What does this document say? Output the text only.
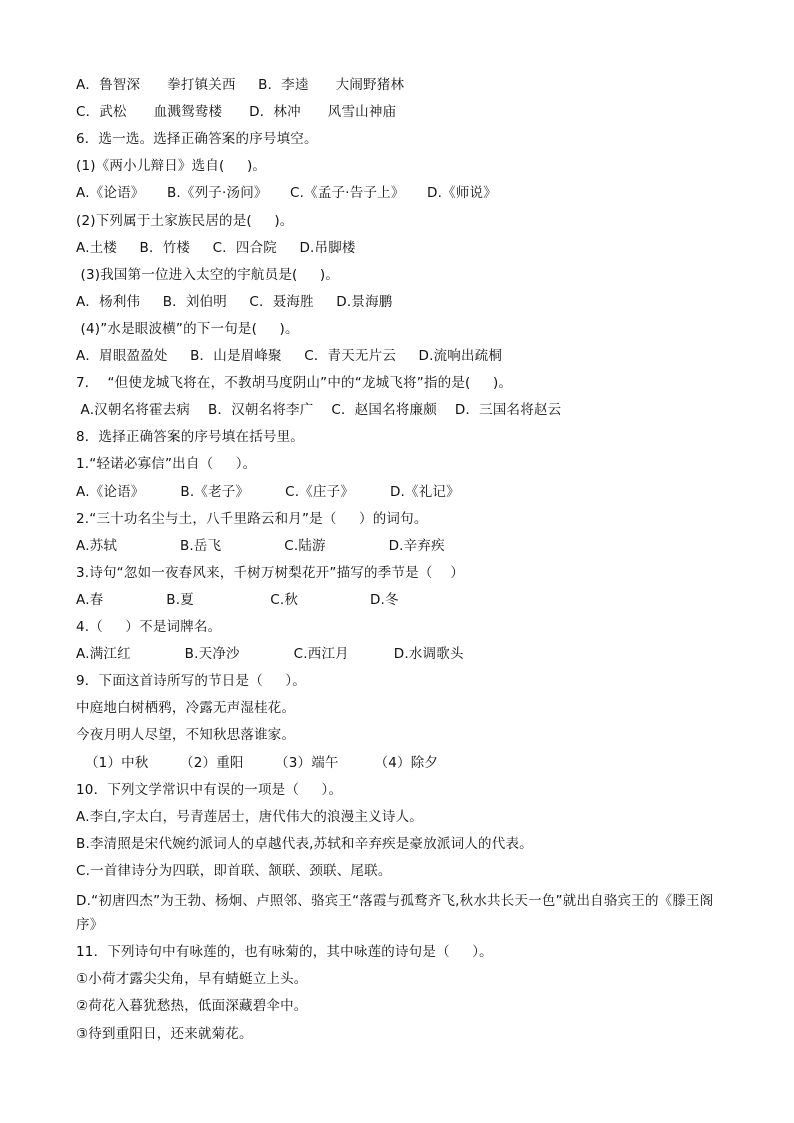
A．鲁智深      拳打镇关西     B．李逵      大闹野猪林
C．武松      血溅鸳鸯楼      D．林冲      风雪山神庙
6．选一选。选择正确答案的序号填空。
(1)《两小儿辩日》选自(     )。
A.《论语》     B.《列子·汤问》     C.《孟子·告子上》     D.《师说》
(2)下列属于土家族民居的是(     )。
A.土楼     B．竹楼     C．四合院     D.吊脚楼
(3)我国第一位进入太空的宇航员是(     )。
A．杨利伟     B．刘伯明     C．聂海胜     D.景海鹏
(4)”水是眼波横”的下一句是(     )。
A．眉眼盈盈处     B．山是眉峰聚     C．青天无片云     D.流响出疏桐
7．  “但使龙城飞将在，不教胡马度阴山”中的“龙城飞将”指的是(     )。
A.汉朝名将霍去病    B．汉朝名将李广    C．赵国名将廉颇    D．三国名将赵云
8．选择正确答案的序号填在括号里。
1.“轻诺必寡信”出自（     ）。
A.《论语》        B.《老子》        C.《庄子》        D.《礼记》
2.“三十功名尘与土，八千里路云和月”是（     ）的词句。
A.苏轼              B.岳飞              C.陆游              D.辛弃疾
3.诗句“忽如一夜春风来，千树万树梨花开”描写的季节是（    ）
A.春              B.夏                 C.秋                D.冬
4.（     ）不是词牌名。
A.满江红            B.天净沙            C.西江月          D.水调歌头
9．下面这首诗所写的节日是（     ）。
中庭地白树栖鸦，冷露无声湿桂花。
今夜月明人尽望，不知秋思落谁家。
（1）中秋       （2）重阳       （3）端午        （4）除夕
10．下列文学常识中有误的一项是（     ）。
A.李白,字太白，号青莲居士，唐代伟大的浪漫主义诗人。
B.李清照是宋代婉约派词人的卓越代表,苏轼和辛弃疾是豪放派词人的代表。
C.一首律诗分为四联，即首联、颔联、颈联、尾联。
D.“初唐四杰”为王勃、杨炯、卢照邻、骆宾王“落霞与孤鹜齐飞,秋水共长天一色”就出自骆宾王的《滕王阁序》
11．下列诗句中有咏莲的，也有咏菊的，其中咏莲的诗句是（     ）。
①小荷才露尖尖角，早有蜻蜓立上头。
②荷花入暮犹愁热，低面深藏碧伞中。
③待到重阳日，还来就菊花。
